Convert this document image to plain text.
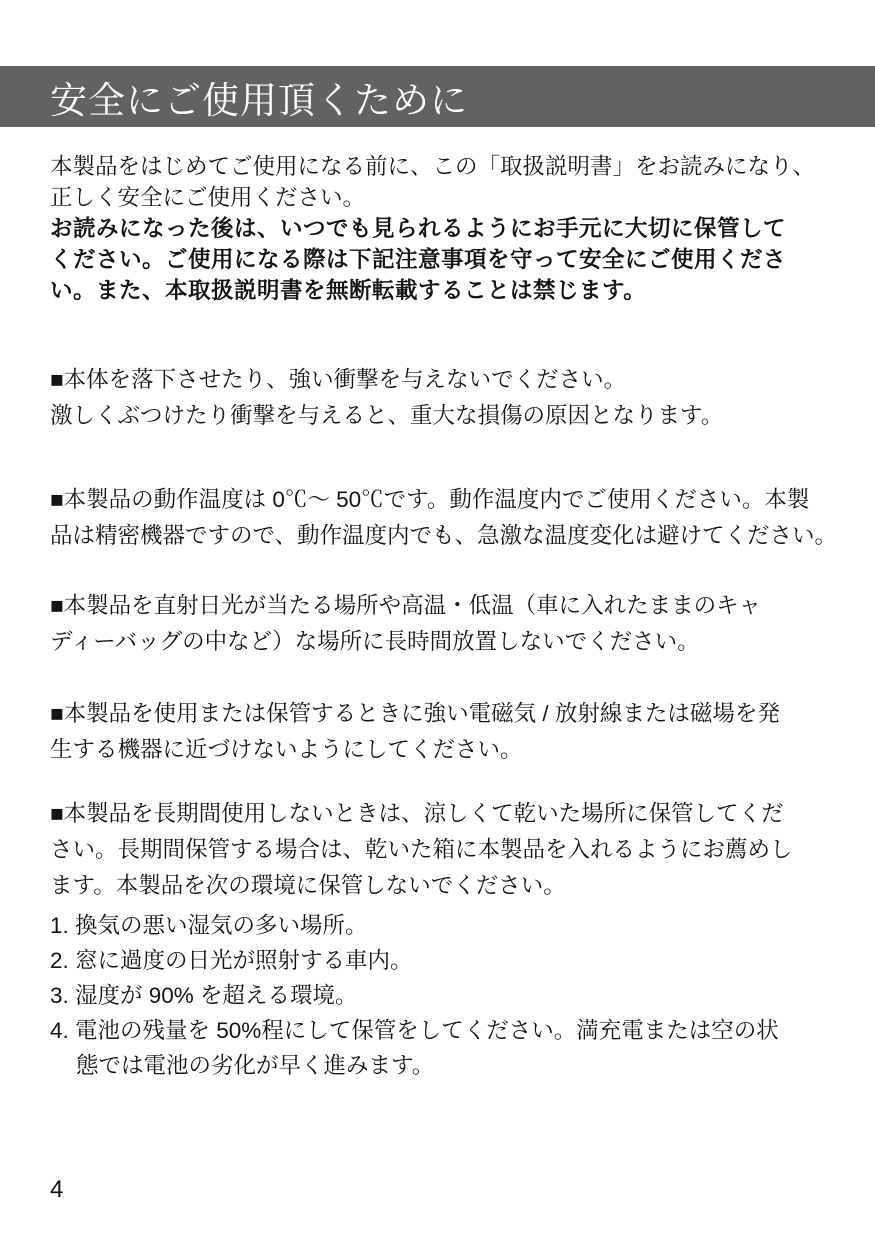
安全にご使用頂くために
本製品をはじめてご使用になる前に、この「取扱説明書」をお読みになり、
正しく安全にご使用ください。
お読みになった後は、いつでも見られるようにお手元に大切に保管して
ください。ご使用になる際は下記注意事項を守って安全にご使用くださ
い。また、本取扱説明書を無断転載することは禁じます。
■本体を落下させたり、強い衝撃を与えないでください。
激しくぶつけたり衝撃を与えると、重大な損傷の原因となります。
■本製品の動作温度は 0℃～ 50℃です。動作温度内でご使用ください。本製
品は精密機器ですので、動作温度内でも、急激な温度変化は避けてください。
■本製品を直射日光が当たる場所や高温・低温（車に入れたままのキャ
ディーバッグの中など）な場所に長時間放置しないでください。
■本製品を使用または保管するときに強い電磁気 / 放射線または磁場を発
生する機器に近づけないようにしてください。
■本製品を長期間使用しないときは、涼しくて乾いた場所に保管してくだ
さい。長期間保管する場合は、乾いた箱に本製品を入れるようにお薦めし
ます。本製品を次の環境に保管しないでください。
1. 換気の悪い湿気の多い場所。
2. 窓に過度の日光が照射する車内。
3. 湿度が 90% を超える環境。
4. 電池の残量を 50%程にして保管をしてください。満充電または空の状
態では電池の劣化が早く進みます。
4
